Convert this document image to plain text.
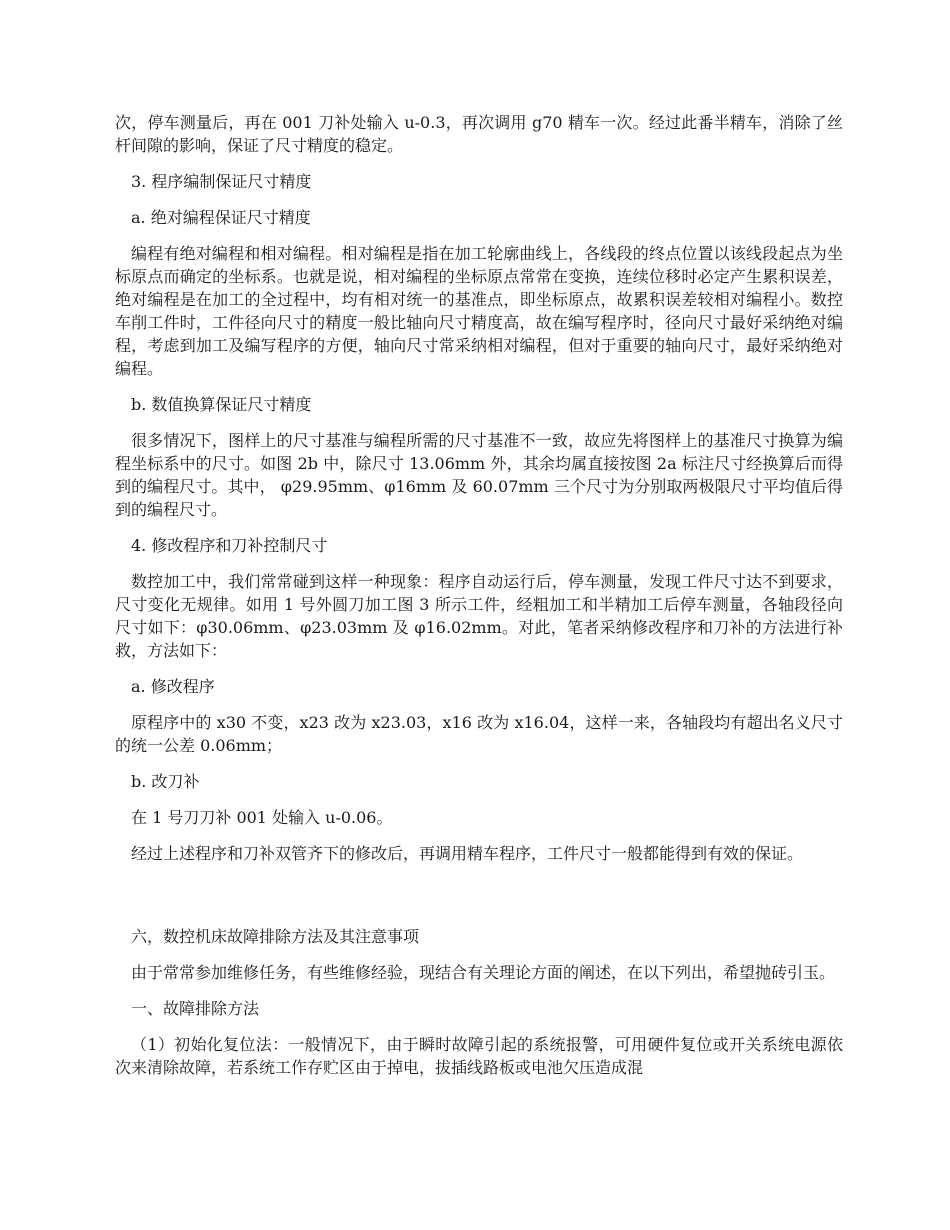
次，停车测量后，再在 001 刀补处输入 u-0.3，再次调用 g70 精车一次。经过此番半精车，消除了丝杆间隙的影响，保证了尺寸精度的稳定。

3. 程序编制保证尺寸精度

a. 绝对编程保证尺寸精度

编程有绝对编程和相对编程。相对编程是指在加工轮廓曲线上，各线段的终点位置以该线段起点为坐标原点而确定的坐标系。也就是说，相对编程的坐标原点常常在变换，连续位移时必定产生累积误差，绝对编程是在加工的全过程中，均有相对统一的基准点，即坐标原点，故累积误差较相对编程小。数控车削工件时，工件径向尺寸的精度一般比轴向尺寸精度高，故在编写程序时，径向尺寸最好采纳绝对编程，考虑到加工及编写程序的方便，轴向尺寸常采纳相对编程，但对于重要的轴向尺寸，最好采纳绝对编程。

b. 数值换算保证尺寸精度

很多情况下，图样上的尺寸基准与编程所需的尺寸基准不一致，故应先将图样上的基准尺寸换算为编程坐标系中的尺寸。如图 2b 中，除尺寸 13.06mm 外，其余均属直接按图 2a 标注尺寸经换算后而得到的编程尺寸。其中， φ29.95mm、φ16mm 及 60.07mm 三个尺寸为分别取两极限尺寸平均值后得到的编程尺寸。

4. 修改程序和刀补控制尺寸

数控加工中，我们常常碰到这样一种现象：程序自动运行后，停车测量，发现工件尺寸达不到要求，尺寸变化无规律。如用 1 号外圆刀加工图 3 所示工件，经粗加工和半精加工后停车测量，各轴段径向尺寸如下：φ30.06mm、φ23.03mm 及 φ16.02mm。对此，笔者采纳修改程序和刀补的方法进行补救，方法如下：

a. 修改程序

原程序中的 x30 不变，x23 改为 x23.03，x16 改为 x16.04，这样一来，各轴段均有超出名义尺寸的统一公差 0.06mm；

b. 改刀补

在 1 号刀刀补 001 处输入 u-0.06。

经过上述程序和刀补双管齐下的修改后，再调用精车程序，工件尺寸一般都能得到有效的保证。

六，数控机床故障排除方法及其注意事项

由于常常参加维修任务，有些维修经验，现结合有关理论方面的阐述，在以下列出，希望抛砖引玉。

一、故障排除方法

（1）初始化复位法：一般情况下，由于瞬时故障引起的系统报警，可用硬件复位或开关系统电源依次来清除故障，若系统工作存贮区由于掉电，拔插线路板或电池欠压造成混
